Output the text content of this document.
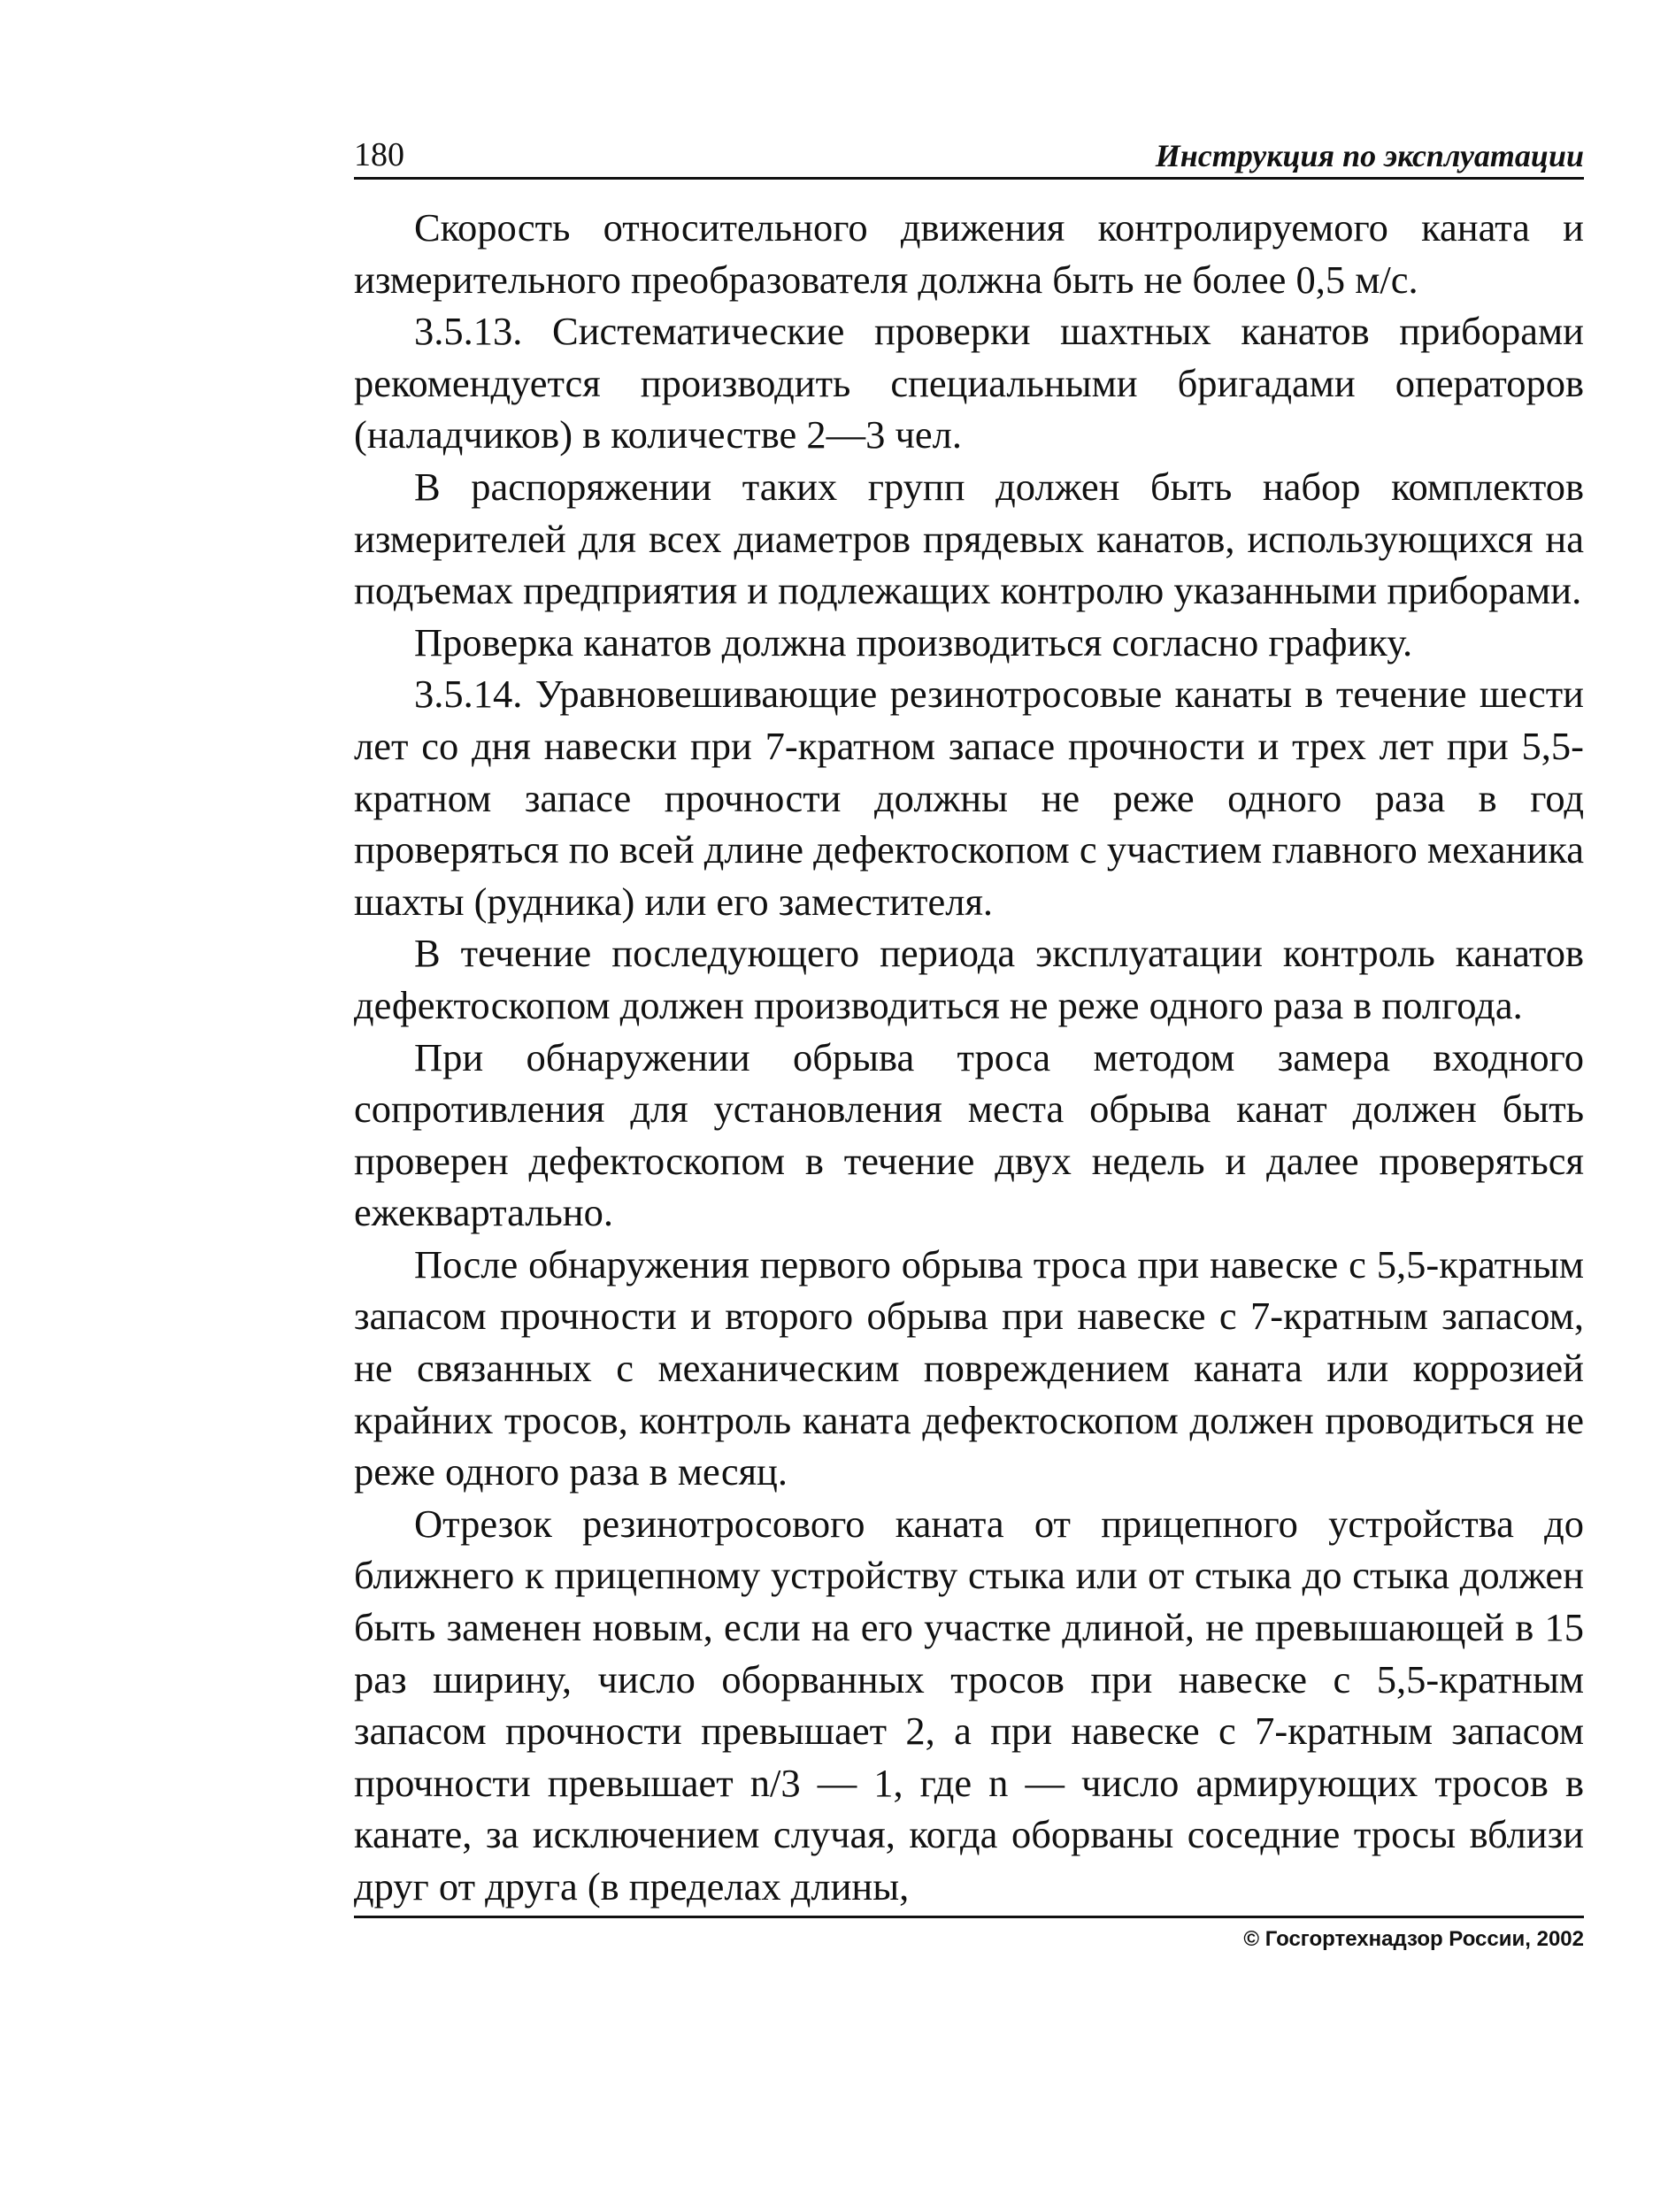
180	Инструкция по эксплуатации

Скорость относительного движения контролируемого каната и измерительного преобразователя должна быть не более 0,5 м/с.

3.5.13. Систематические проверки шахтных канатов приборами рекомендуется производить специальными бригадами операторов (наладчиков) в количестве 2—3 чел.

В распоряжении таких групп должен быть набор комплектов измерителей для всех диаметров прядевых канатов, использующихся на подъемах предприятия и подлежащих контролю указанными приборами.

Проверка канатов должна производиться согласно графику.

3.5.14. Уравновешивающие резинотросовые канаты в течение шести лет со дня навески при 7-кратном запасе прочности и трех лет при 5,5-кратном запасе прочности должны не реже одного раза в год проверяться по всей длине дефектоскопом с участием главного механика шахты (рудника) или его заместителя.

В течение последующего периода эксплуатации контроль канатов дефектоскопом должен производиться не реже одного раза в полгода.

При обнаружении обрыва троса методом замера входного сопротивления для установления места обрыва канат должен быть проверен дефектоскопом в течение двух недель и далее проверяться ежеквартально.

После обнаружения первого обрыва троса при навеске с 5,5-кратным запасом прочности и второго обрыва при навеске с 7-кратным запасом, не связанных с механическим повреждением каната или коррозией крайних тросов, контроль каната дефектоскопом должен проводиться не реже одного раза в месяц.

Отрезок резинотросового каната от прицепного устройства до ближнего к прицепному устройству стыка или от стыка до стыка должен быть заменен новым, если на его участке длиной, не превышающей в 15 раз ширину, число оборванных тросов при навеске с 5,5-кратным запасом прочности превышает 2, а при навеске с 7-кратным запасом прочности превышает n/3 — 1, где n — число армирующих тросов в канате, за исключением случая, когда оборваны соседние тросы вблизи друг от друга (в пределах длины,

© Госгортехнадзор России, 2002
